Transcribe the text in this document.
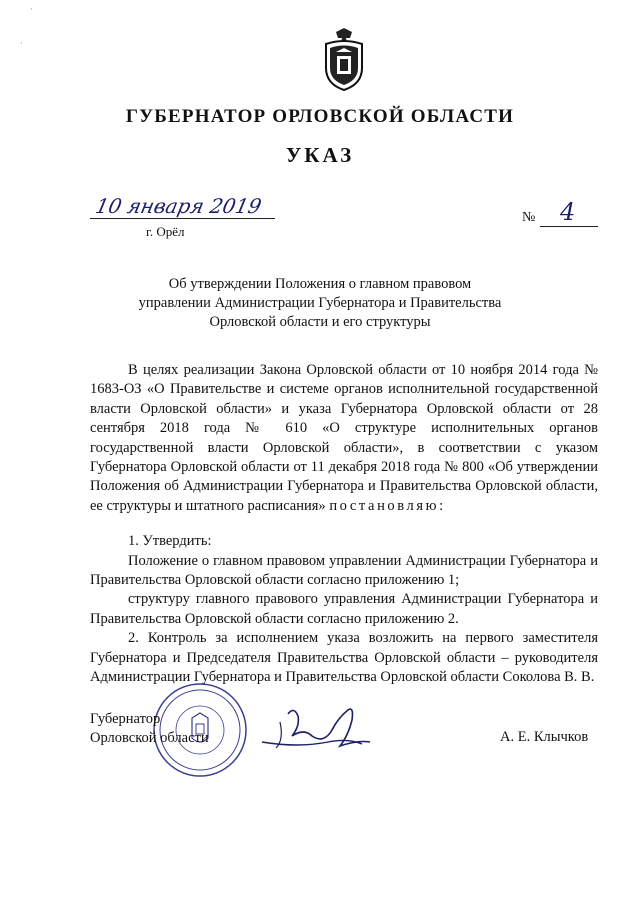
ГУБЕРНАТОР ОРЛОВСКОЙ ОБЛАСТИ
УКАЗ
10 января 2019
г. Орёл
№ 4
Об утверждении Положения о главном правовом
управлении Администрации Губернатора и Правительства
Орловской области и его структуры

В целях реализации Закона Орловской области от 10 ноября 2014 года № 1683-ОЗ «О Правительстве и системе органов исполнительной государственной власти Орловской области» и указа Губернатора Орловской области от 28 сентября 2018 года № 610 «О структуре исполнительных органов государственной власти Орловской области», в соответствии с указом Губернатора Орловской области от 11 декабря 2018 года № 800 «Об утверждении Положения об Администрации Губернатора и Правительства Орловской области, ее структуры и штатного расписания» постановляю:

1. Утвердить:

Положение о главном правовом управлении Администрации Губернатора и Правительства Орловской области согласно приложению 1;

структуру главного правового управления Администрации Губернатора и Правительства Орловской области согласно приложению 2.

2. Контроль за исполнением указа возложить на первого заместителя Губернатора и Председателя Правительства Орловской области – руководителя Администрации Губернатора и Правительства Орловской области Соколова В. В.

Губернатор
Орловской области	А. Е. Клычков
·
·
